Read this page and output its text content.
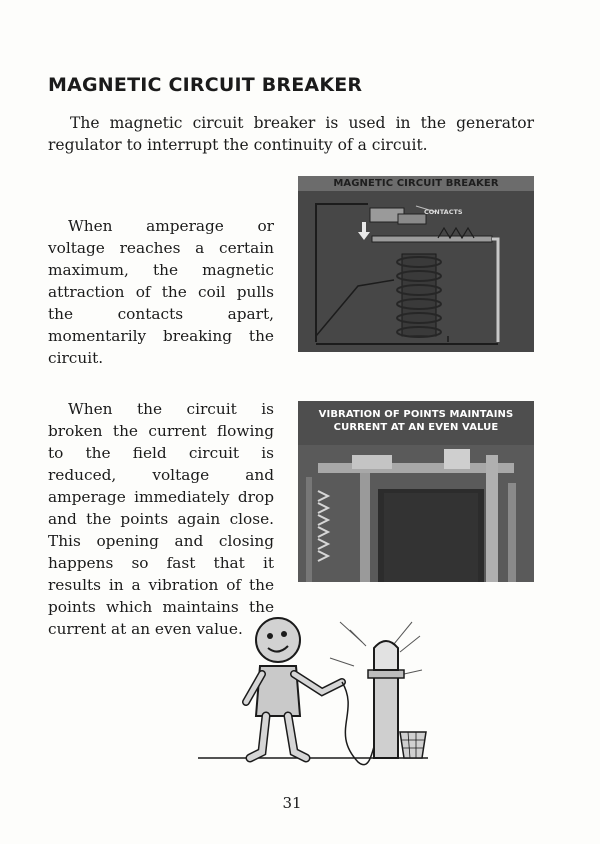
MAGNETIC CIRCUIT BREAKER

The magnetic circuit breaker is used in the generator regulator to interrupt the continuity of a circuit.

When amperage or voltage reaches a certain maximum, the magnetic attraction of the coil pulls the contacts apart, momentarily breaking the circuit.

MAGNETIC CIRCUIT BREAKER
CONTACTS

When the circuit is broken the current flowing to the field circuit is reduced, voltage and amperage immediately drop and the points again close. This opening and closing happens so fast that it results in a vibration of the points which maintains the current at an even value.

VIBRATION OF POINTS MAINTAINS
CURRENT AT AN EVEN VALUE

31
